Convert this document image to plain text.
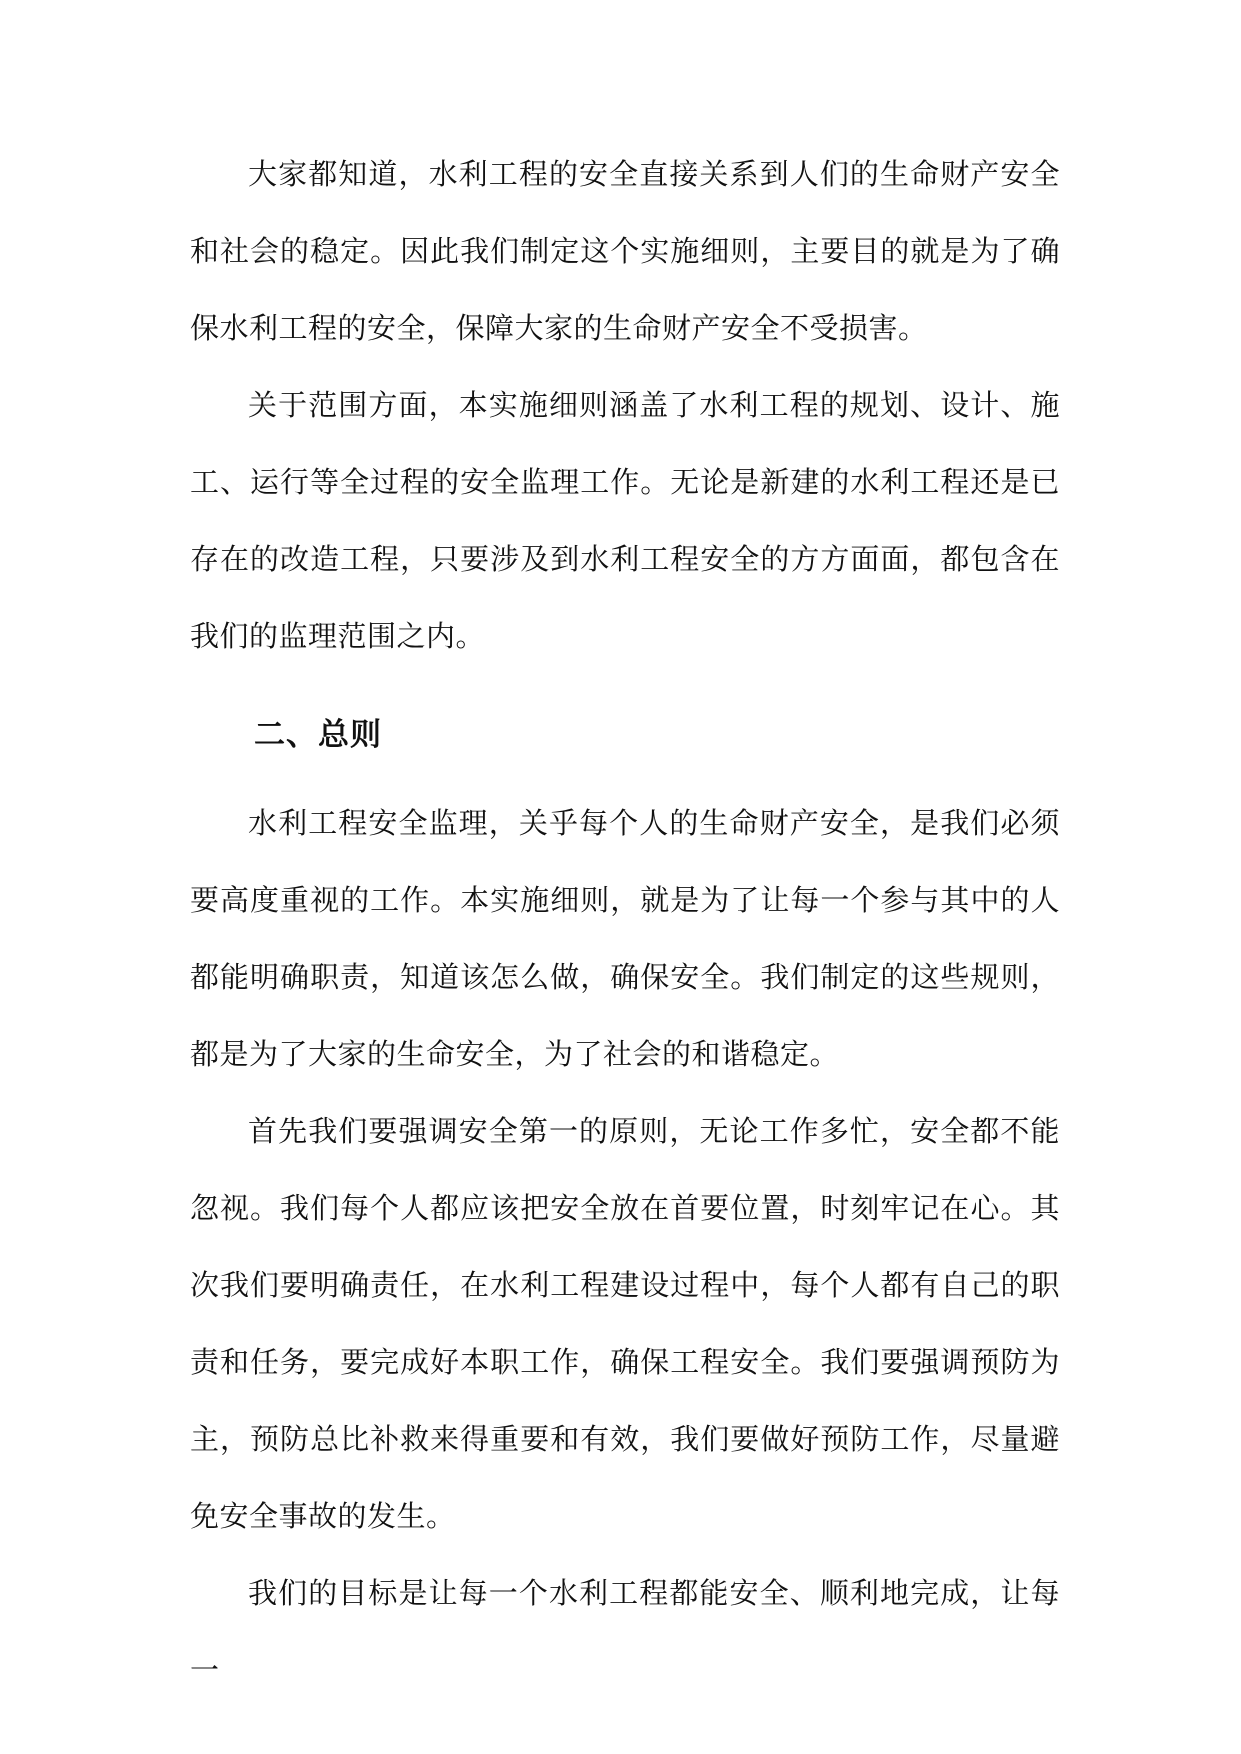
大家都知道，水利工程的安全直接关系到人们的生命财产安全和社会的稳定。因此我们制定这个实施细则，主要目的就是为了确保水利工程的安全，保障大家的生命财产安全不受损害。

关于范围方面，本实施细则涵盖了水利工程的规划、设计、施工、运行等全过程的安全监理工作。无论是新建的水利工程还是已存在的改造工程，只要涉及到水利工程安全的方方面面，都包含在我们的监理范围之内。

二、总则

水利工程安全监理，关乎每个人的生命财产安全，是我们必须要高度重视的工作。本实施细则，就是为了让每一个参与其中的人都能明确职责，知道该怎么做，确保安全。我们制定的这些规则，都是为了大家的生命安全，为了社会的和谐稳定。

首先我们要强调安全第一的原则，无论工作多忙，安全都不能忽视。我们每个人都应该把安全放在首要位置，时刻牢记在心。其次我们要明确责任，在水利工程建设过程中，每个人都有自己的职责和任务，要完成好本职工作，确保工程安全。我们要强调预防为主，预防总比补救来得重要和有效，我们要做好预防工作，尽量避免安全事故的发生。

我们的目标是让每一个水利工程都能安全、顺利地完成，让每一
